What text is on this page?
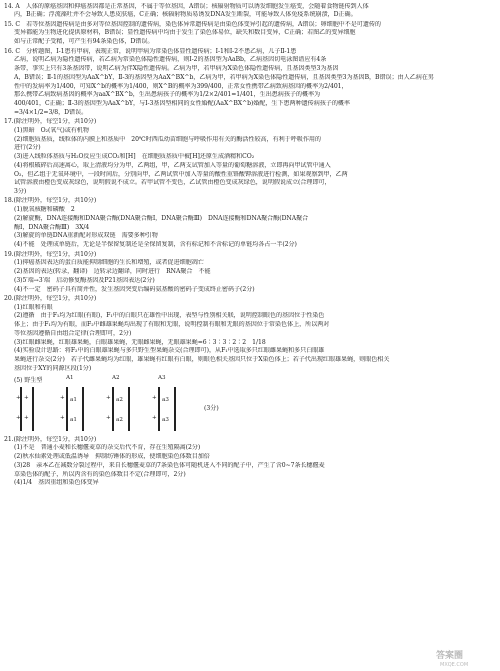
14. A　人体的原癌基因和抑癌基因都是正常基因，不属于等位基因，A错误；核辐射物质可以诱发细胞发生癌变，会随着食物链传到人体
内，B正确；浮流藻吐并不会导致人患皮肤癌，C正确；核辐射物质易诱发DNA发生断裂，可能导致人体免疫系统崩溃，D正确。
15. C　若等位基因遗传病是由多对等位基因控制的遗传病，染色体异常遗传病是由染色体变异引起的遗传病，A错误；卵细胞中不是可遗传的
变异都能为生物进化提供原材料，B错误；显性遗传病中均由于发生了染色体易位，缺失和数目变异，C正确；若图乙的变异细胞
如与正常配子受精，可产生有94条染色体，D错误。
16. C　分析题图，Ⅰ-1患有甲病，表现正常，说明甲病为常染色体显性遗传病；Ⅰ-1和Ⅰ-2不患乙病，儿子Ⅱ-1患
乙病，说明乙病为隐性遗传病，若乙病为常染色体隐性遗传病，则Ⅰ-2的基因型为AaBb，乙病基因切电泳图谱应有4条
条带，事实上只有3条基因带，说明乙病为伴X隐性遗传病。乙病为甲，若甲病为X染色体隐性遗传病，且基因类型3为基因
A，B错误；Ⅱ-1的基因型为AaX^bY，Ⅱ-3的基因型为AaX^BX^b，乙病为甲，若甲病为X染色体隐性遗传病，且基因类型3为基因B，B错误；由人乙病在男
性中的发病率为1/400，可知X^b的概率为1/400，则X^B的概率为399/400，正常女性携带乙病致病基因的概率为2/401，
那么携带乙病致病基因的概率为aaX^BX^b，生出患病孩子的概率为1/2×2/401=1/401，生出患病孩子的概率为
400/401，C正确；Ⅱ-3的基因型为AaX^bY，与Ⅰ-3基因型相同的女性婚配(AaX^BX^b)婚配，生下患两种遗传病孩子的概率
=3/4×1/2=3/8，D错误。
17.(除注明外，每空1分，共10分)
(1)黑暗　O₂(氧气)或有机物
(2)细胞质基质，线粒体的内膜上和基质中　20℃时西瓜幼苗细胞与呼吸作用有关的酶活性较高，有利于呼吸作用的
进行(2分)
(3)进入线粒体基质与H₂O反应生成CO₂和[H]　在细胞质基质中被[H]还原生成酒精和CO₂
(4)将根破碎后高速离心，取上清液均分为甲，乙两组，甲，乙两支试管加入等量的葡萄糖溶液，立即再向甲试管中通入
O₂，但乙组于无氧环境中，一段时间后，分别向甲，乙两试管中加入等量的酸性重铬酸钾溶液进行检测，如果观察到甲，乙两
试管溶液由橙色变成灰绿色，说明假说不成立。若甲试管不变色，乙试管由橙色变成灰绿色，说明假说成立(合理即可，
3分)
18.(除注明外，每空1分，共10分)
(1)脱氧核糖和磷酸　2
(2)解旋酶，DNA连接酶和DNA聚合酶(DNA聚合酶Ⅰ，DNA聚合酶Ⅲ)　DNA连接酶和DNA聚合酶(DNA聚合
酶Ⅰ，DNA聚合酶Ⅲ)　3X/4
(3)解旋的单链DNA重新配对形成双链　需要多种引物
(4)不能　处理成单链后，无论是半保留复制还是全保留复制，含有标记和不含标记的单链均各占一半(2分)
19.(除注明外，每空1分，共10分)
(1)抑癌基因表达的蛋白质能抑制细胞的生长和增殖，或者促进细胞凋亡
(2)基因的表达(转录，翻译)　边转录边翻译，同时进行　RNA聚合　不能
(3)5′端→3′端　启动修复酶基因及P21基因表达(2分)
(4)不一定　密码子具有简并性，发生基因突变后编码氨基酸的密码子变成终止密码子(2分)
20.(除注明外，每空1分，共10分)
(1)红眼和有眼
(2)遵循　由于F₁均为红眼(有眼)，F₁中的白眼只在雄性中出现，表型与性别相关联，说明控制眼色的基因位于性染色
体上；由于F₁均为有眼，而F₂中雌雄果蝇均出现了有眼和无眼，说明控制有眼和无眼的基因位于常染色体上，所以两对
等位基因遵循自由组合定律(合理即可，2分)
(3)红眼雌果蝇，红眼雄果蝇，白眼雄果蝇，无眼雌果蝇，无眼雄果蝇=6∶3∶3∶2∶2　1/18
(4)实验设计思路：将F₂中的白眼雄果蝇与多只野生型果蝇杂交(合理即可)，从F₁中选取多只红眼雌果蝇和多只白眼雄
果蝇进行杂交(2分)　若子代雌果蝇均为红眼，雄果蝇有红眼有白眼，则眼色相关基因只位于X染色体上；若子代出现红眼雄果蝇，则眼色相关
基因位于XY的同源区段(1分)
(5) 野生型
+
+
+
+
A1
+ a1
+ a1
A2
+ a2
+ a2
A3
+ a3
+ a3
(3分)
21.(除注明外，每空1分，共10分)
(1)不是　普通小麦和长穗偃麦草的杂交后代不育，存在生殖隔离(2分)
(2)秋水仙素处理或低温诱导　抑制纺锤体的形成，使细胞染色体数目加倍
(3)28　亲本乙在减数分裂过程中，来自长穗偃麦草的7条染色体可随机进入不同的配子中，产生了含0~7条长穗偃麦
草染色体的配子，所以丙含有的染色体数目不定(合理即可，2分)
(4)1/4　基因重组和染色体变异
答案圈
MXQE.COM
